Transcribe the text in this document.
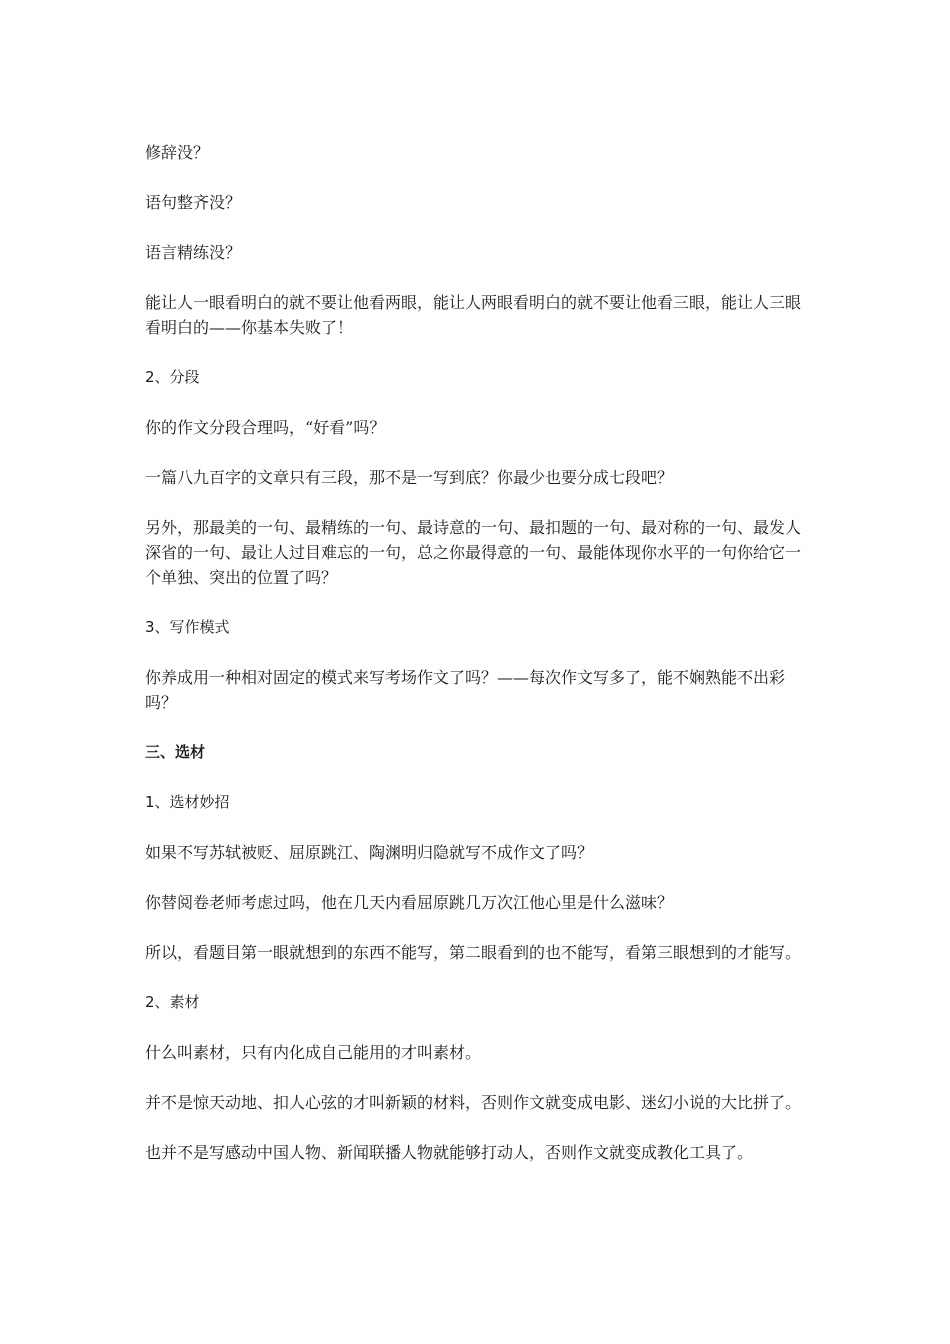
修辞没？

语句整齐没？

语言精练没？

能让人一眼看明白的就不要让他看两眼，能让人两眼看明白的就不要让他看三眼，能让人三眼看明白的——你基本失败了！

2、分段

你的作文分段合理吗，“好看”吗？

一篇八九百字的文章只有三段，那不是一写到底？你最少也要分成七段吧？

另外，那最美的一句、最精练的一句、最诗意的一句、最扣题的一句、最对称的一句、最发人深省的一句、最让人过目难忘的一句，总之你最得意的一句、最能体现你水平的一句你给它一个单独、突出的位置了吗？

3、写作模式

你养成用一种相对固定的模式来写考场作文了吗？——每次作文写多了，能不娴熟能不出彩吗？

三、选材

1、选材妙招

如果不写苏轼被贬、屈原跳江、陶渊明归隐就写不成作文了吗？

你替阅卷老师考虑过吗，他在几天内看屈原跳几万次江他心里是什么滋味？

所以，看题目第一眼就想到的东西不能写，第二眼看到的也不能写，看第三眼想到的才能写。

2、素材

什么叫素材，只有内化成自己能用的才叫素材。

并不是惊天动地、扣人心弦的才叫新颖的材料，否则作文就变成电影、迷幻小说的大比拼了。

也并不是写感动中国人物、新闻联播人物就能够打动人，否则作文就变成教化工具了。
